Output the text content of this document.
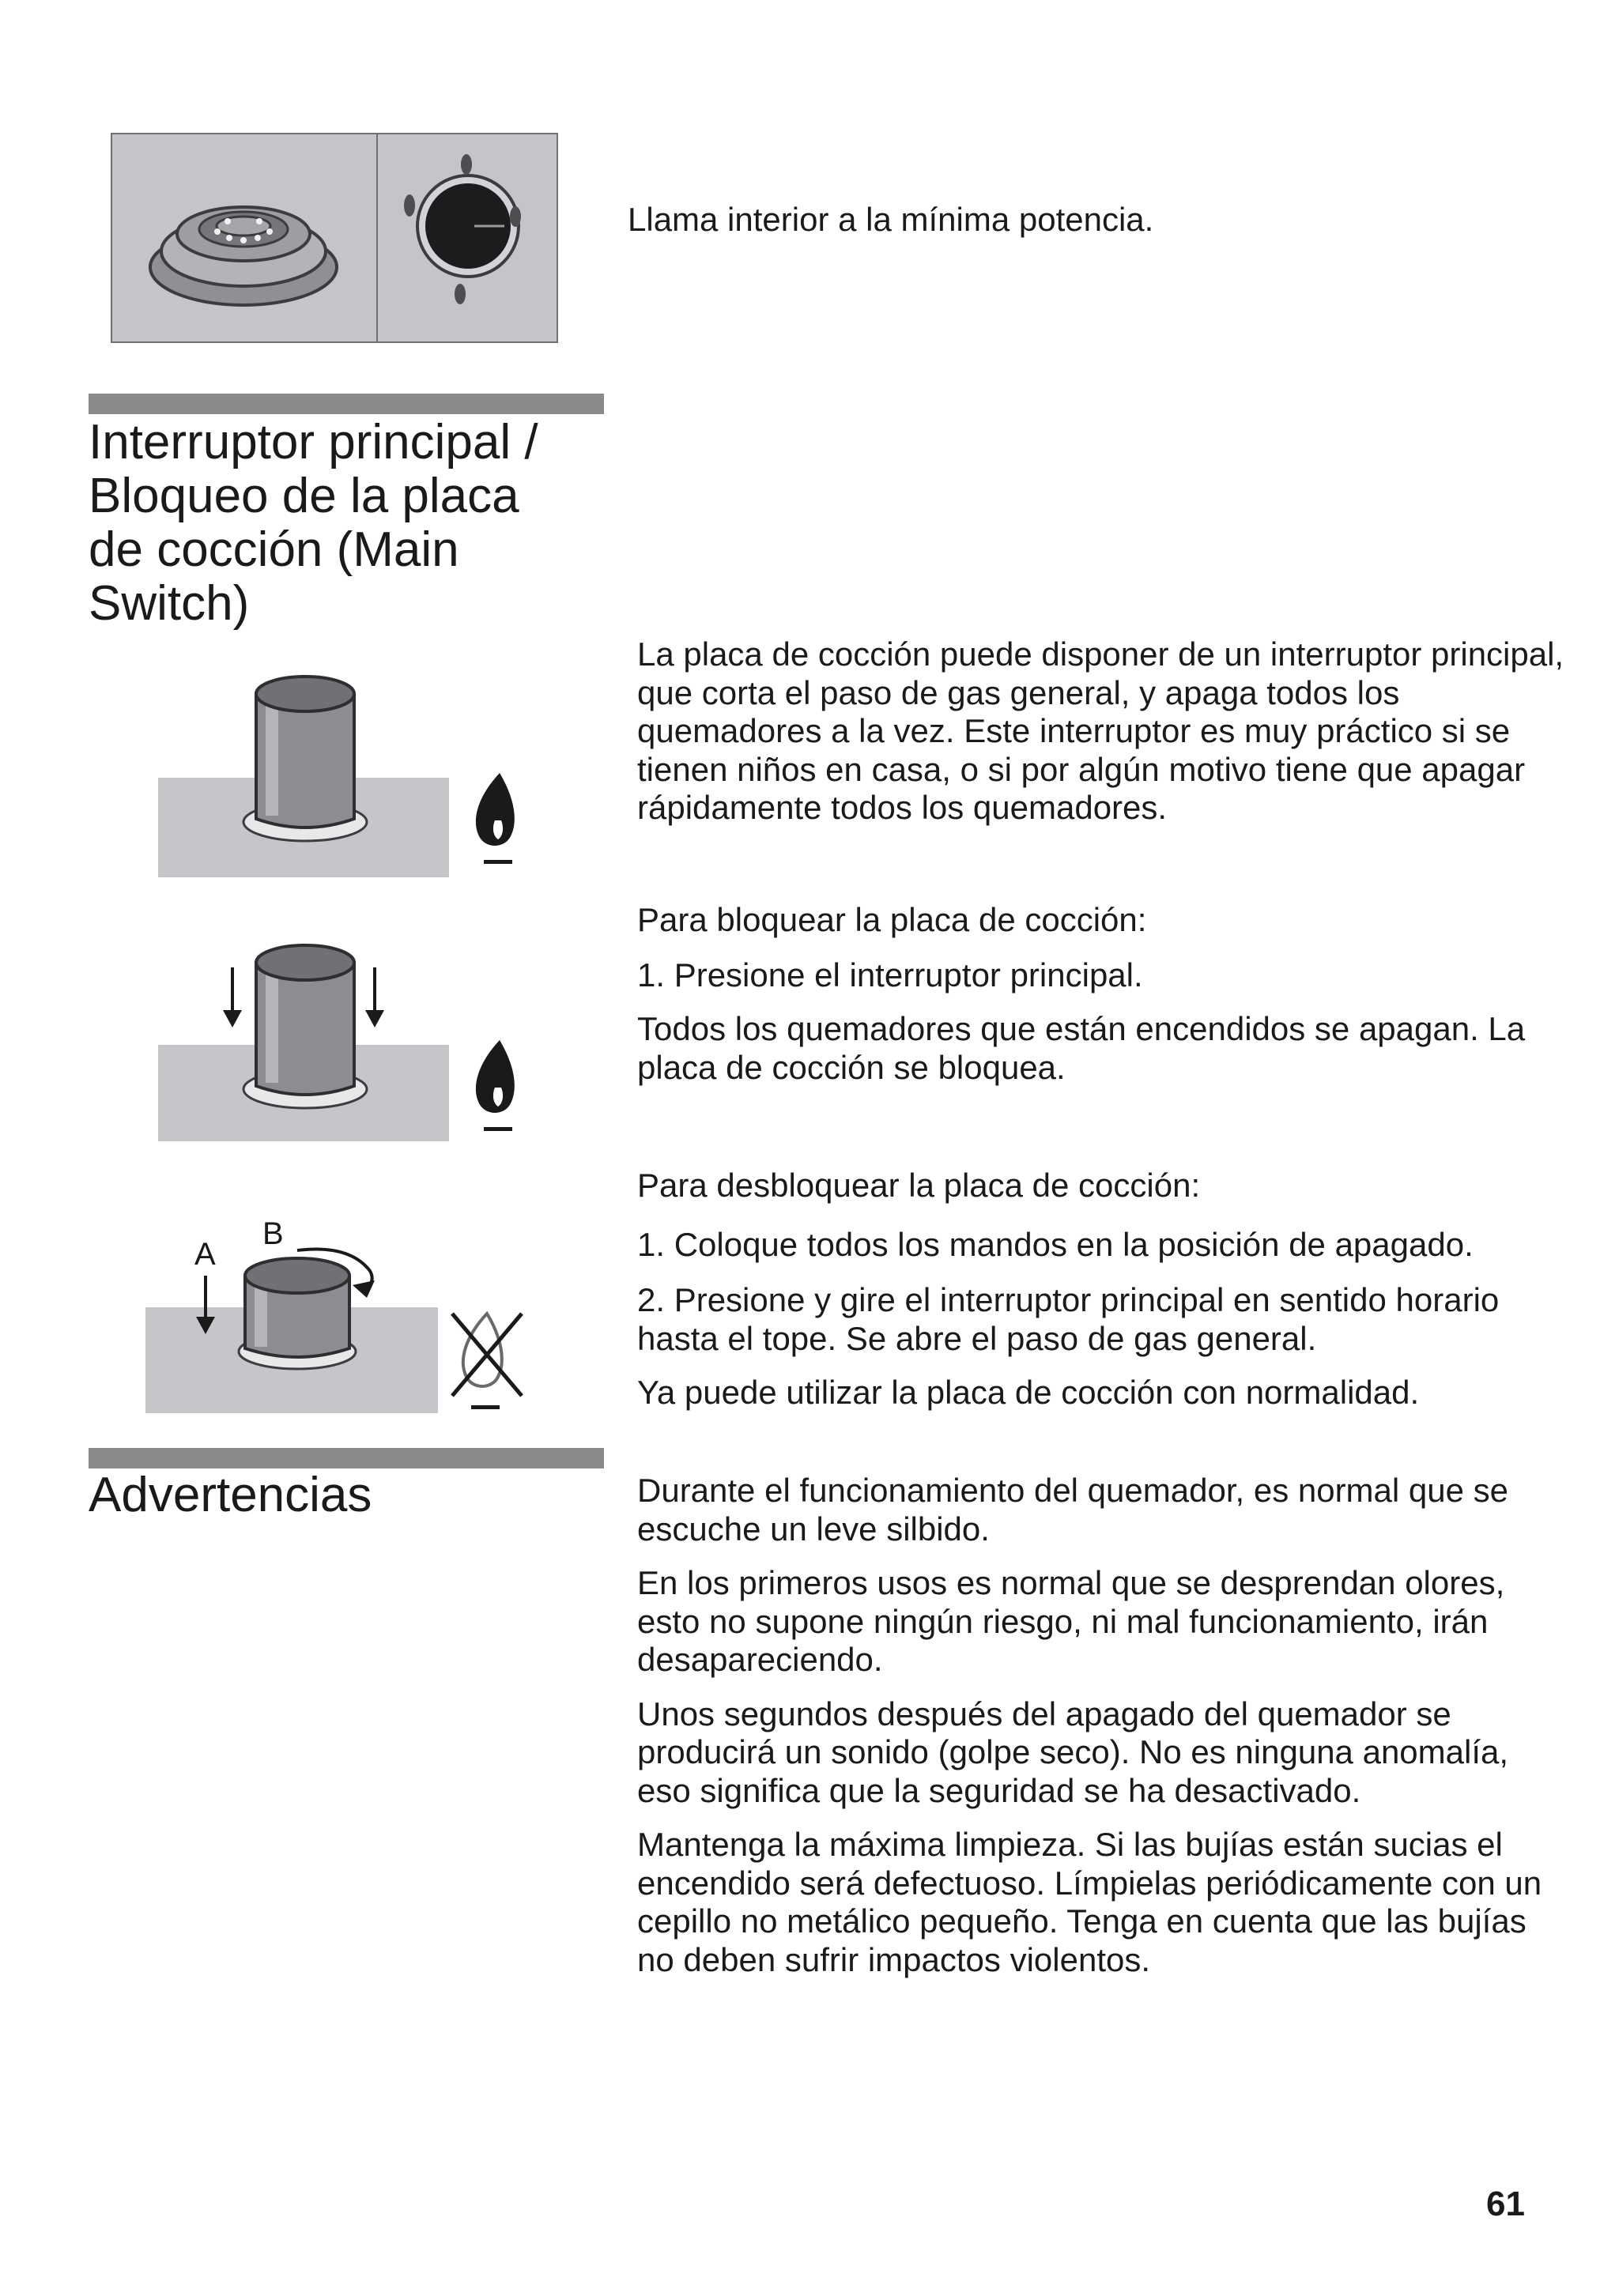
Llama interior a la mínima potencia.
Interruptor principal /
Bloqueo de la placa
de cocción (Main
Switch)

La placa de cocción puede disponer de un interruptor principal, que corta el paso de gas general, y apaga todos los quemadores a la vez. Este interruptor es muy práctico si se tienen niños en casa, o si por algún motivo tiene que apagar rápidamente todos los quemadores.

Para bloquear la placa de cocción:

1. Presione el interruptor principal.

Todos los quemadores que están encendidos se apagan. La placa de cocción se bloquea.

Para desbloquear la placa de cocción:

1. Coloque todos los mandos en la posición de apagado.

2. Presione y gire el interruptor principal en sentido horario hasta el tope. Se abre el paso de gas general.

Ya puede utilizar la placa de cocción con normalidad.

A
B
Advertencias	Durante el funcionamiento del quemador, es normal que se escuche un leve silbido.

En los primeros usos es normal que se desprendan olores, esto no supone ningún riesgo, ni mal funcionamiento, irán desapareciendo.

Unos segundos después del apagado del quemador se producirá un sonido (golpe seco). No es ninguna anomalía, eso significa que la seguridad se ha desactivado.

Mantenga la máxima limpieza. Si las bujías están sucias el encendido será defectuoso. Límpielas periódicamente con un cepillo no metálico pequeño. Tenga en cuenta que las bujías no deben sufrir impactos violentos.

61
